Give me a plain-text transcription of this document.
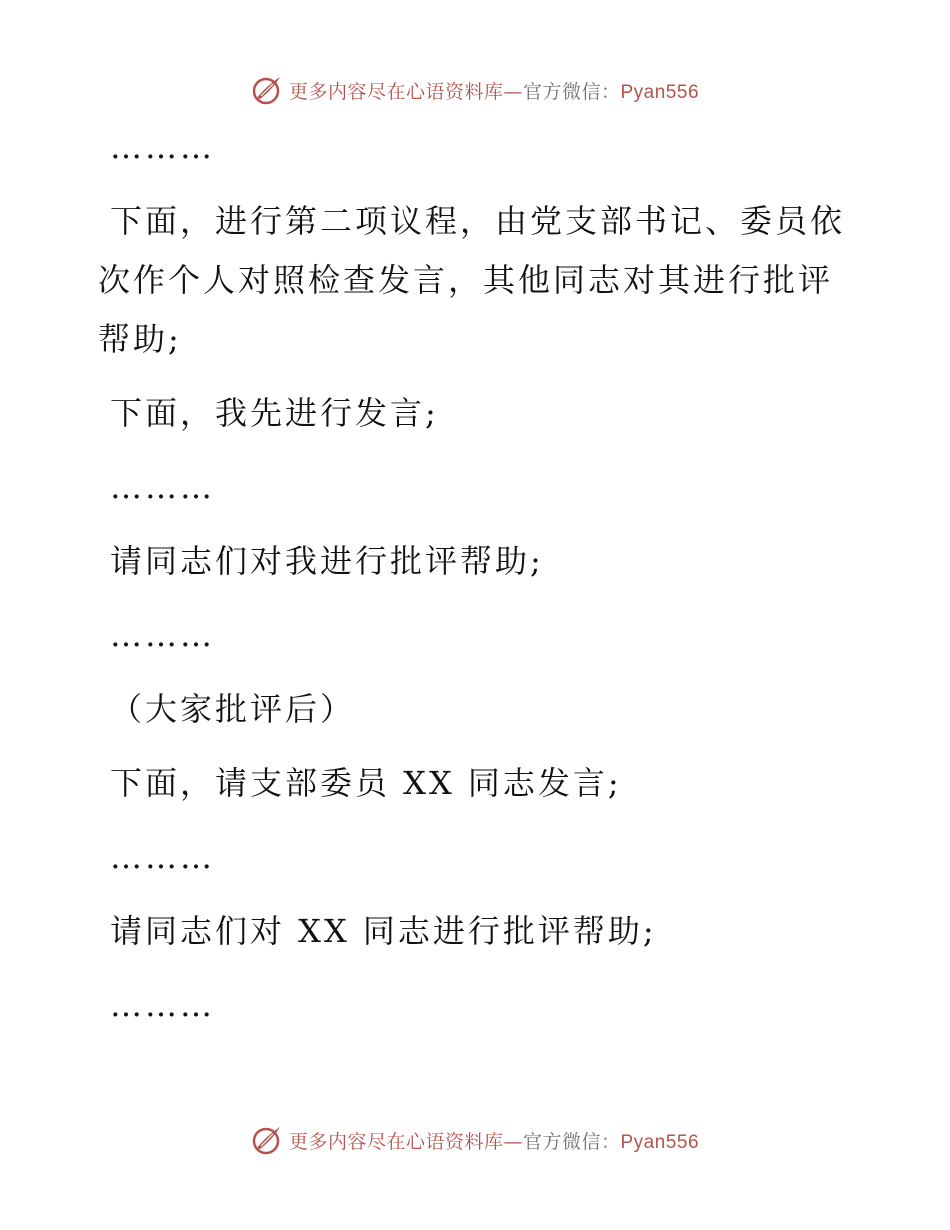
更多内容尽在心语资料库—官方微信：Pyan556

………

下面，进行第二项议程，由党支部书记、委员依次作个人对照检查发言，其他同志对其进行批评帮助;

下面，我先进行发言;

………

请同志们对我进行批评帮助;

………

（大家批评后）

下面，请支部委员 XX 同志发言;

………

请同志们对 XX 同志进行批评帮助;

………

更多内容尽在心语资料库—官方微信：Pyan556
